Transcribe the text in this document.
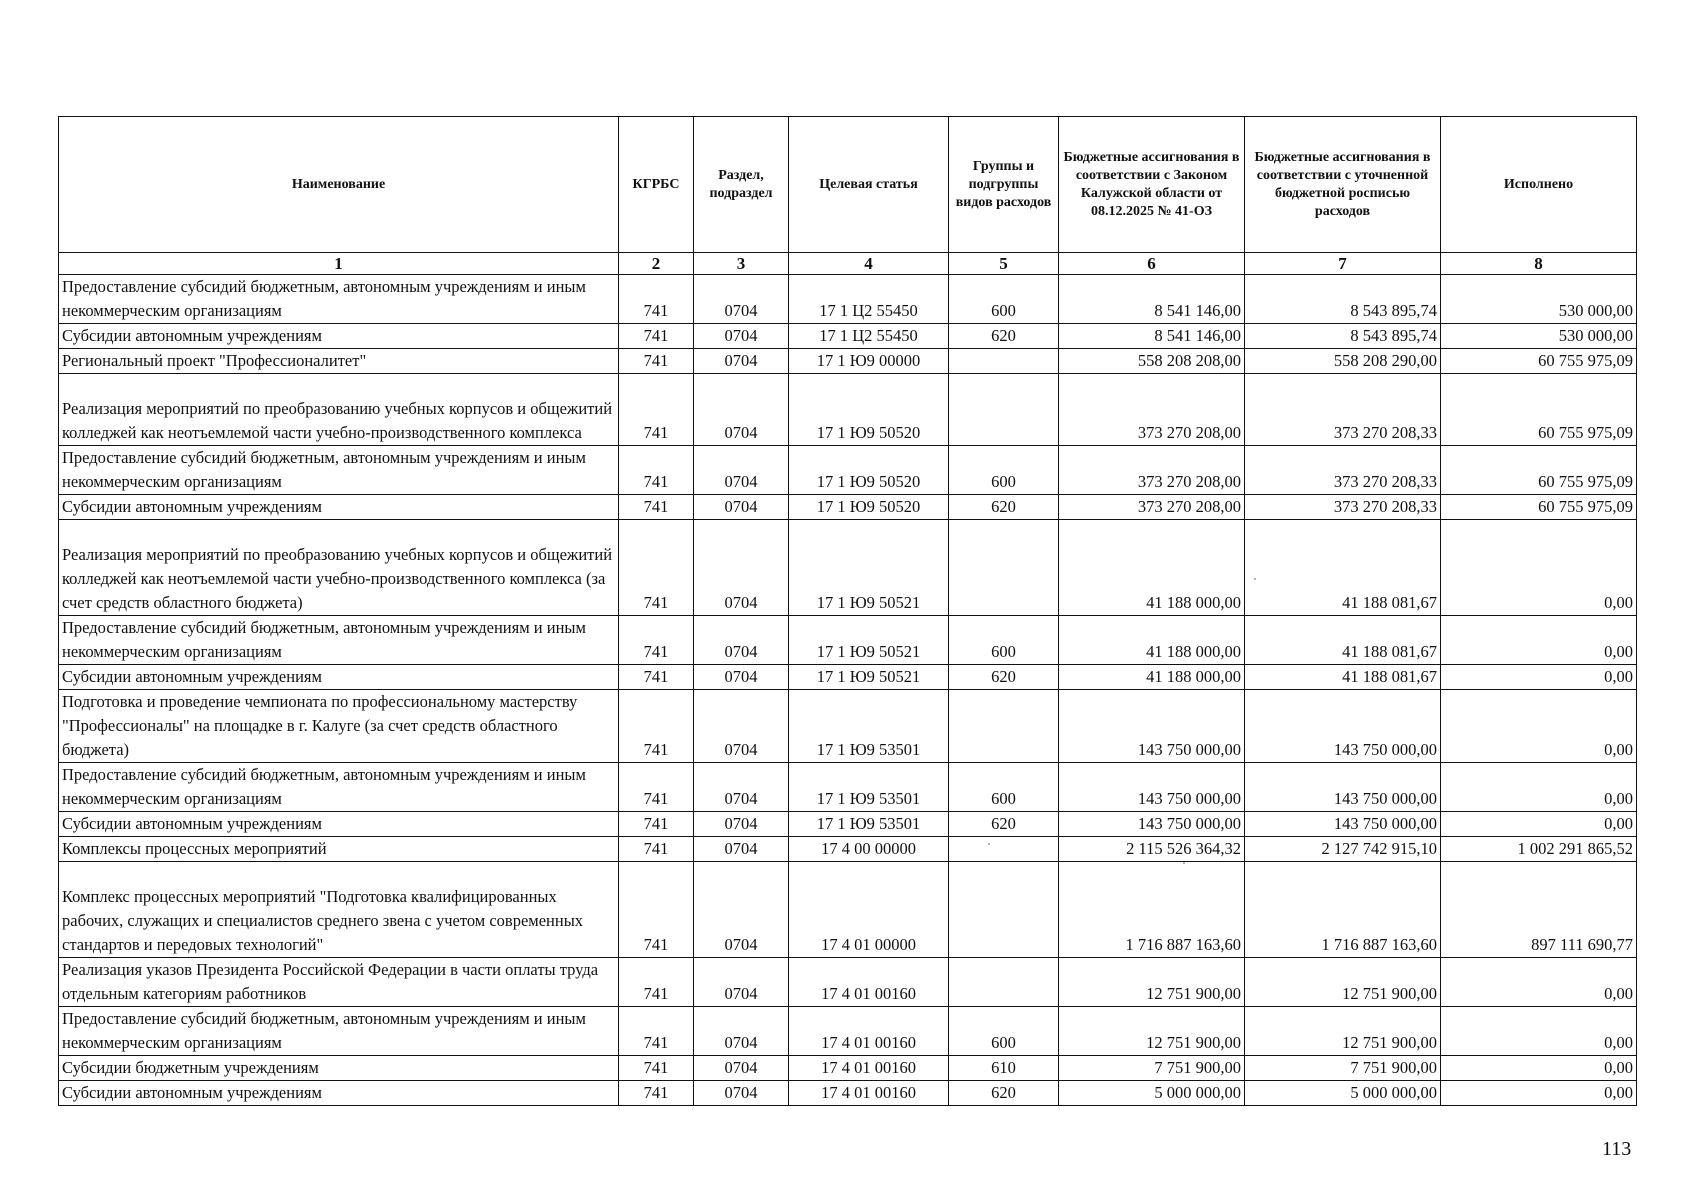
Наименование	КГРБС	Раздел, подраздел	Целевая статья	Группы и подгруппы видов расходов	Бюджетные ассигнования в соответствии с Законом Калужской области от 08.12.2025 № 41-ОЗ	Бюджетные ассигнования в соответствии с уточненной бюджетной росписью расходов	Исполнено
1	2	3	4	5	6	7	8
Предоставление субсидий бюджетным, автономным учреждениям и иным некоммерческим организациям	741	0704	17 1 Ц2 55450	600	8 541 146,00	8 543 895,74	530 000,00
Субсидии автономным учреждениям	741	0704	17 1 Ц2 55450	620	8 541 146,00	8 543 895,74	530 000,00
Региональный проект "Профессионалитет"	741	0704	17 1 Ю9 00000		558 208 208,00	558 208 290,00	60 755 975,09
Реализация мероприятий по преобразованию учебных корпусов и общежитий колледжей как неотъемлемой части учебно-производственного комплекса	741	0704	17 1 Ю9 50520		373 270 208,00	373 270 208,33	60 755 975,09
Предоставление субсидий бюджетным, автономным учреждениям и иным некоммерческим организациям	741	0704	17 1 Ю9 50520	600	373 270 208,00	373 270 208,33	60 755 975,09
Субсидии автономным учреждениям	741	0704	17 1 Ю9 50520	620	373 270 208,00	373 270 208,33	60 755 975,09
Реализация мероприятий по преобразованию учебных корпусов и общежитий колледжей как неотъемлемой части учебно-производственного комплекса (за счет средств областного бюджета)	741	0704	17 1 Ю9 50521		41 188 000,00	41 188 081,67	0,00
Предоставление субсидий бюджетным, автономным учреждениям и иным некоммерческим организациям	741	0704	17 1 Ю9 50521	600	41 188 000,00	41 188 081,67	0,00
Субсидии автономным учреждениям	741	0704	17 1 Ю9 50521	620	41 188 000,00	41 188 081,67	0,00
Подготовка и проведение чемпионата по профессиональному мастерству "Профессионалы" на площадке в г. Калуге (за счет средств областного бюджета)	741	0704	17 1 Ю9 53501		143 750 000,00	143 750 000,00	0,00
Предоставление субсидий бюджетным, автономным учреждениям и иным некоммерческим организациям	741	0704	17 1 Ю9 53501	600	143 750 000,00	143 750 000,00	0,00
Субсидии автономным учреждениям	741	0704	17 1 Ю9 53501	620	143 750 000,00	143 750 000,00	0,00
Комплексы процессных мероприятий	741	0704	17 4 00 00000		2 115 526 364,32	2 127 742 915,10	1 002 291 865,52
Комплекс процессных мероприятий "Подготовка квалифицированных рабочих, служащих и специалистов среднего звена с учетом современных стандартов и передовых технологий"	741	0704	17 4 01 00000		1 716 887 163,60	1 716 887 163,60	897 111 690,77
Реализация указов Президента Российской Федерации в части оплаты труда отдельным категориям работников	741	0704	17 4 01 00160		12 751 900,00	12 751 900,00	0,00
Предоставление субсидий бюджетным, автономным учреждениям и иным некоммерческим организациям	741	0704	17 4 01 00160	600	12 751 900,00	12 751 900,00	0,00
Субсидии бюджетным учреждениям	741	0704	17 4 01 00160	610	7 751 900,00	7 751 900,00	0,00
Субсидии автономным учреждениям	741	0704	17 4 01 00160	620	5 000 000,00	5 000 000,00	0,00
113
